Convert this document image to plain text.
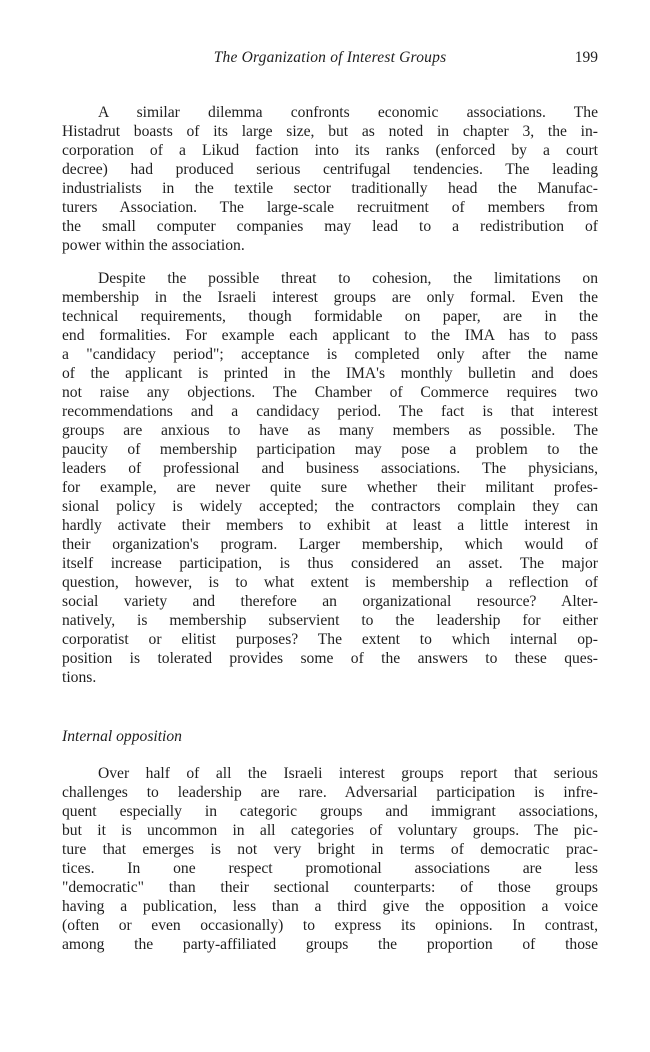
The Organization of Interest Groups	199
A similar dilemma confronts economic associations. The
Histadrut boasts of its large size, but as noted in chapter 3, the in-
corporation of a Likud faction into its ranks (enforced by a court
decree) had produced serious centrifugal tendencies. The leading
industrialists in the textile sector traditionally head the Manufac-
turers Association. The large-scale recruitment of members from
the small computer companies may lead to a redistribution of
power within the association.
Despite the possible threat to cohesion, the limitations on
membership in the Israeli interest groups are only formal. Even the
technical requirements, though formidable on paper, are in the
end formalities. For example each applicant to the IMA has to pass
a "candidacy period"; acceptance is completed only after the name
of the applicant is printed in the IMA's monthly bulletin and does
not raise any objections. The Chamber of Commerce requires two
recommendations and a candidacy period. The fact is that interest
groups are anxious to have as many members as possible. The
paucity of membership participation may pose a problem to the
leaders of professional and business associations. The physicians,
for example, are never quite sure whether their militant profes-
sional policy is widely accepted; the contractors complain they can
hardly activate their members to exhibit at least a little interest in
their organization's program. Larger membership, which would of
itself increase participation, is thus considered an asset. The major
question, however, is to what extent is membership a reflection of
social variety and therefore an organizational resource? Alter-
natively, is membership subservient to the leadership for either
corporatist or elitist purposes? The extent to which internal op-
position is tolerated provides some of the answers to these ques-
tions.
Internal opposition
Over half of all the Israeli interest groups report that serious
challenges to leadership are rare. Adversarial participation is infre-
quent especially in categoric groups and immigrant associations,
but it is uncommon in all categories of voluntary groups. The pic-
ture that emerges is not very bright in terms of democratic prac-
tices. In one respect promotional associations are less
"democratic" than their sectional counterparts: of those groups
having a publication, less than a third give the opposition a voice
(often or even occasionally) to express its opinions. In contrast,
among the party-affiliated groups the proportion of those
